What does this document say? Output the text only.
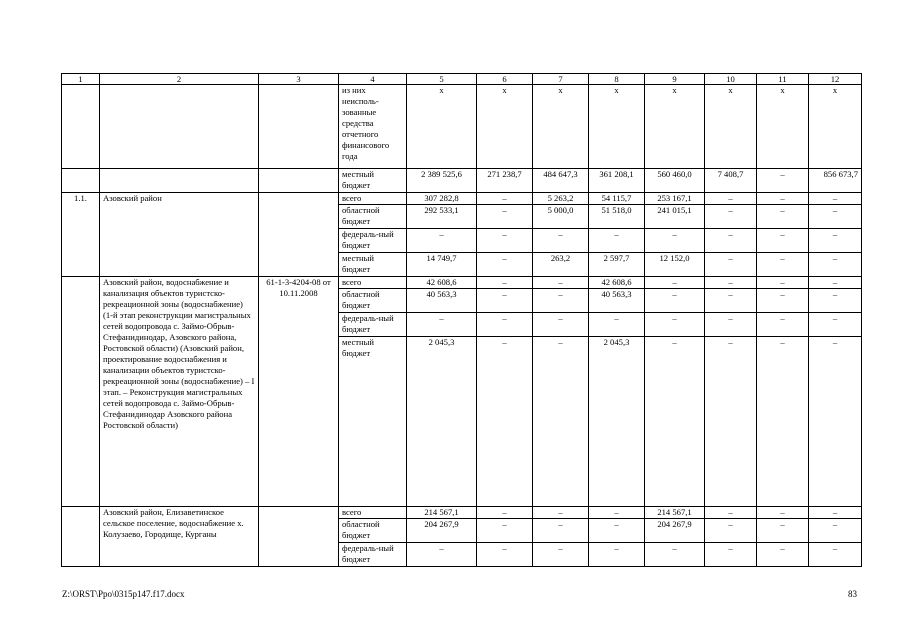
1	2	3	4	5	6	7	8	9	10	11	12
			из них неисполь-зованные средства отчетного финансового года	x	x	x	x	x	x	x	x
			местный бюджет	2 389 525,6	271 238,7	484 647,3	361 208,1	560 460,0	7 408,7	–	856 673,7
1.1.	Азовский район		всего	307 282,8	–	5 263,2	54 115,7	253 167,1	–	–	–
			областной бюджет	292 533,1	–	5 000,0	51 518,0	241 015,1	–	–	–
			федераль-ный бюджет	–	–	–	–	–	–	–	–
			местный бюджет	14 749,7	–	263,2	2 597,7	12 152,0	–	–	–
	Азовский район, водоснабжение и канализация объектов туристско-рекреационной зоны (водоснабжение) (1-й этап реконструкции магистральных сетей водопровода с. Займо-Обрыв-Стефанидинодар, Азовского района, Ростовской области) (Азовский район, проектирование водоснабжения и канализации объектов туристско-рекреационной зоны (водоснабжение) – I этап. – Реконструкция магистральных сетей водопровода с. Займо-Обрыв-Стефанидинодар Азовского района Ростовской области)	61-1-3-4204-08 от 10.11.2008	всего	42 608,6	–	–	42 608,6	–	–	–	–
			областной бюджет	40 563,3	–	–	40 563,3	–	–	–	–
			федераль-ный бюджет	–	–	–	–	–	–	–	–
			местный бюджет	2 045,3	–	–	2 045,3	–	–	–	–
	Азовский район, Елизаветинское сельское поселение, водоснабжение х. Колузаево, Городище, Курганы		всего	214 567,1	–	–	–	214 567,1	–	–	–
			областной бюджет	204 267,9	–	–	–	204 267,9	–	–	–
			федераль-ный бюджет	–	–	–	–	–	–	–	–
Z:\ORST\Ppo\0315p147.f17.docx	83
